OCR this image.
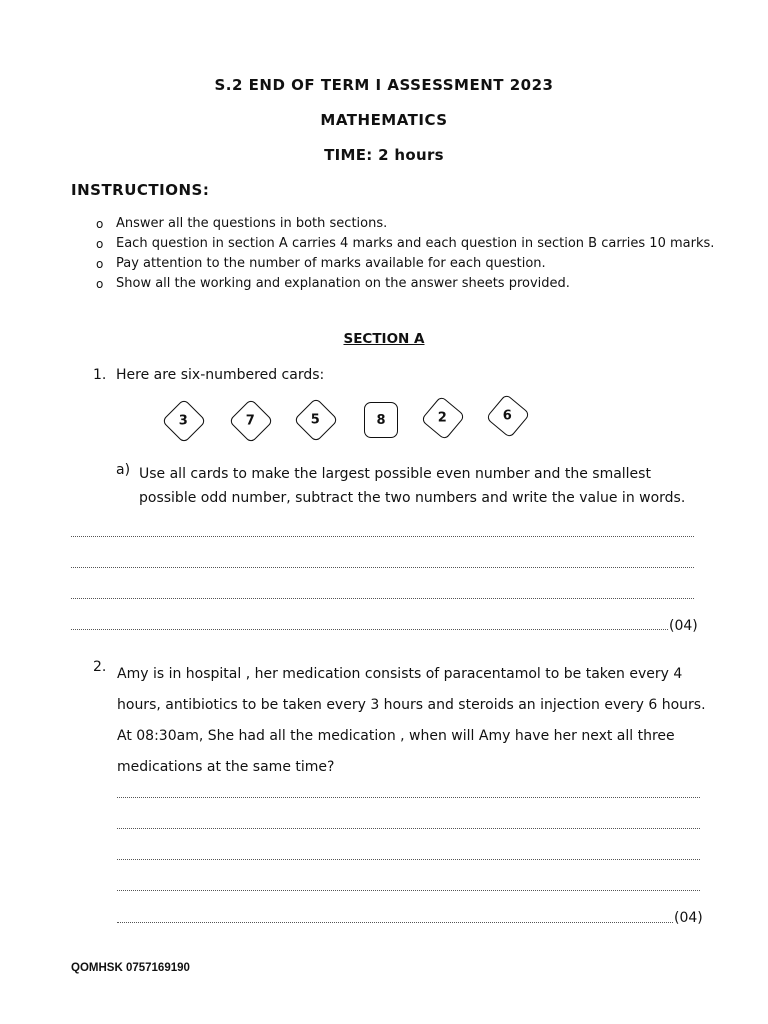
S.2 END OF TERM I ASSESSMENT 2023
MATHEMATICS
TIME: 2 hours
INSTRUCTIONS:
o Answer all the questions in both sections.
o Each question in section A carries 4 marks and each question in section B carries 10 marks.
o Pay attention to the number of marks available for each question.
o Show all the working and explanation on the answer sheets provided.
SECTION A
1. Here are six-numbered cards:
3	7	5	8	2	6
a) Use all cards to make the largest possible even number and the smallest possible odd number, subtract the two numbers and write the value in words.
(04)
2. Amy is in hospital , her medication consists of paracentamol to be taken every 4 hours, antibiotics to be taken every 3 hours and steroids an injection every 6 hours. At 08:30am, She had all the medication , when will Amy have her next all three medications at the same time?
(04)
QOMHSK 0757169190
